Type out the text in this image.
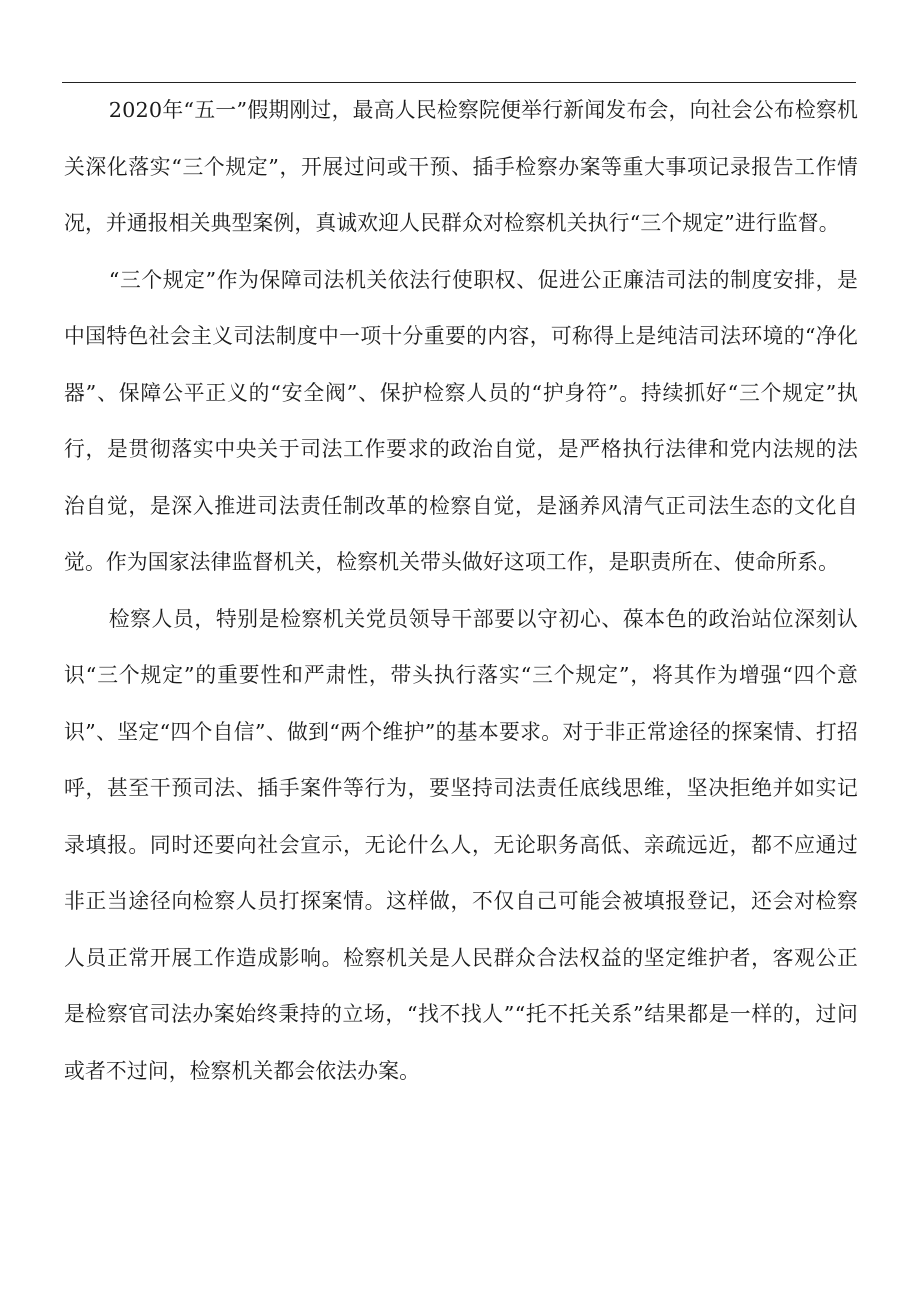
2020年“五一”假期刚过，最高人民检察院便举行新闻发布会，向社会公布检察机关深化落实“三个规定”，开展过问或干预、插手检察办案等重大事项记录报告工作情况，并通报相关典型案例，真诚欢迎人民群众对检察机关执行“三个规定”进行监督。

“三个规定”作为保障司法机关依法行使职权、促进公正廉洁司法的制度安排，是中国特色社会主义司法制度中一项十分重要的内容，可称得上是纯洁司法环境的“净化器”、保障公平正义的“安全阀”、保护检察人员的“护身符”。持续抓好“三个规定”执行，是贯彻落实中央关于司法工作要求的政治自觉，是严格执行法律和党内法规的法治自觉，是深入推进司法责任制改革的检察自觉，是涵养风清气正司法生态的文化自觉。作为国家法律监督机关，检察机关带头做好这项工作，是职责所在、使命所系。

检察人员，特别是检察机关党员领导干部要以守初心、葆本色的政治站位深刻认识“三个规定”的重要性和严肃性，带头执行落实“三个规定”，将其作为增强“四个意识”、坚定“四个自信”、做到“两个维护”的基本要求。对于非正常途径的探案情、打招呼，甚至干预司法、插手案件等行为，要坚持司法责任底线思维，坚决拒绝并如实记录填报。同时还要向社会宣示，无论什么人，无论职务高低、亲疏远近，都不应通过非正当途径向检察人员打探案情。这样做，不仅自己可能会被填报登记，还会对检察人员正常开展工作造成影响。检察机关是人民群众合法权益的坚定维护者，客观公正是检察官司法办案始终秉持的立场，“找不找人”“托不托关系”结果都是一样的，过问或者不过问，检察机关都会依法办案。
